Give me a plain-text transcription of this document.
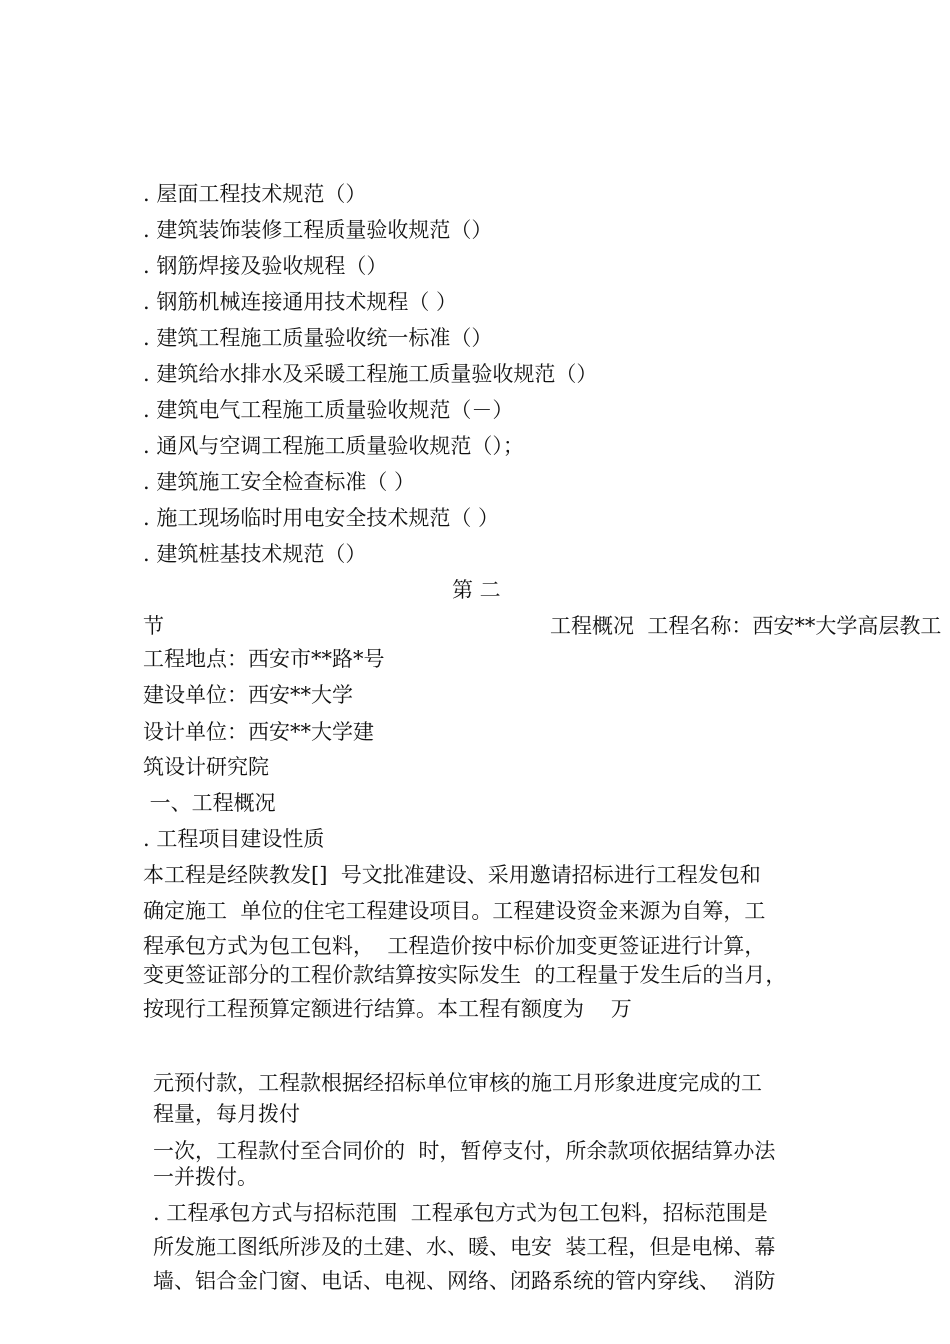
. 屋面工程技术规范（）
. 建筑装饰装修工程质量验收规范（）
. 钢筋焊接及验收规程（）
. 钢筋机械连接通用技术规程（ ）
. 建筑工程施工质量验收统一标准（）
. 建筑给水排水及采暖工程施工质量验收规范（）
. 建筑电气工程施工质量验收规范（－）
. 通风与空调工程施工质量验收规范（）；
. 建筑施工安全检查标准（ ）
. 施工现场临时用电安全技术规范（ ）
. 建筑桩基技术规范（）
第 二
节	工程概况  工程名称：西安**大学高层教工
工程地点：西安市**路*号
建设单位：西安**大学
设计单位：西安**大学建
筑设计研究院
一、工程概况
. 工程项目建设性质
本工程是经陕教发[]  号文批准建设、采用邀请招标进行工程发包和
确定施工  单位的住宅工程建设项目。工程建设资金来源为自筹，工
程承包方式为包工包料，  工程造价按中标价加变更签证进行计算，
变更签证部分的工程价款结算按实际发生  的工程量于发生后的当月，
按现行工程预算定额进行结算。本工程有额度为    万
元预付款，工程款根据经招标单位审核的施工月形象进度完成的工
程量，每月拨付
一次，工程款付至合同价的  时，暂停支付，所余款项依据结算办法
一并拨付。
. 工程承包方式与招标范围  工程承包方式为包工包料，招标范围是
所发施工图纸所涉及的土建、水、暖、电安  装工程，但是电梯、幕
墙、铝合金门窗、电话、电视、网络、闭路系统的管内穿线、  消防
